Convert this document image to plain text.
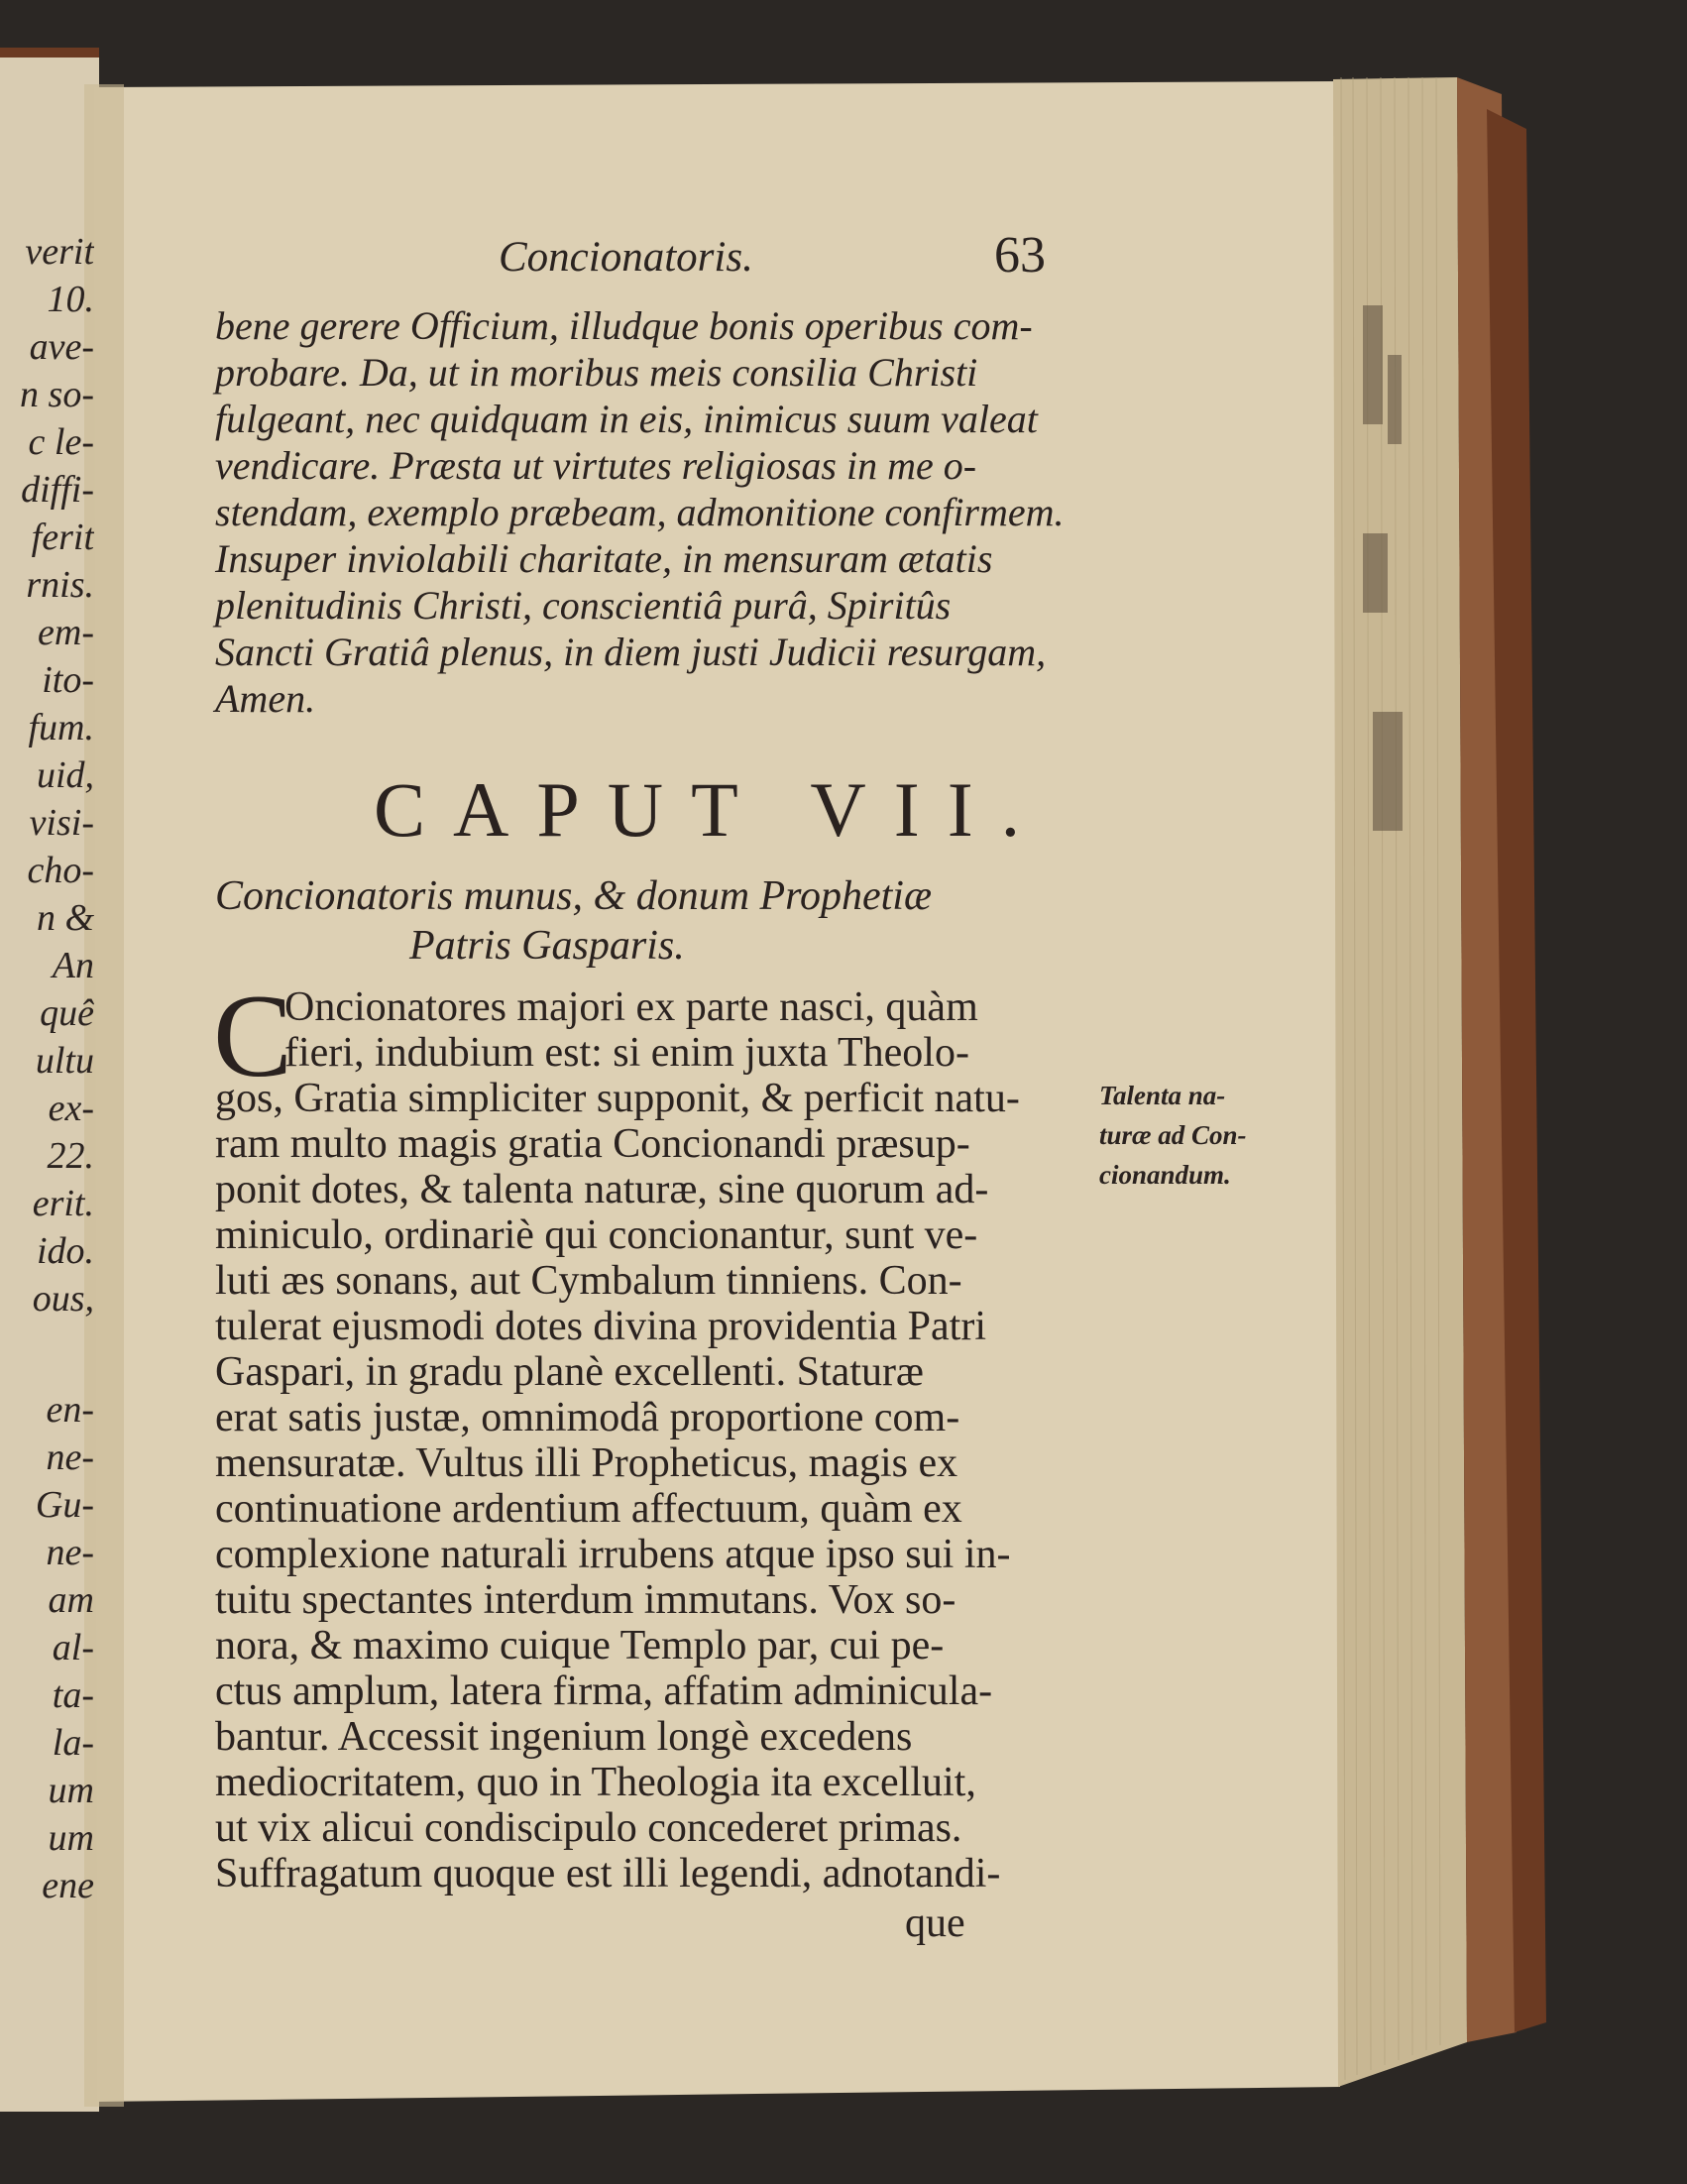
verit
10.
ave-
n so-
c le-
diffi-
ferit
rnis.
em-
ito-
fum.
uid,
visi-
cho-
n &
An
quê
ultu
ex-
22.
erit.
ido.
ous,
en-
ne-
Gu-
ne-
am
al-
ta-
la-
um
um
ene
Concionatoris.	63
bene gerere Officium, illudque bonis operibus com-
probare. Da, ut in moribus meis consilia Christi
fulgeant, nec quidquam in eis, inimicus suum valeat
vendicare. Præsta ut virtutes religiosas in me o-
stendam, exemplo præbeam, admonitione confirmem.
Insuper inviolabili charitate, in mensuram ætatis
plenitudinis Christi, conscientiâ purâ, Spiritûs
Sancti Gratiâ plenus, in diem justi Judicii resurgam,
Amen.
CAPUT VII.
Concionatoris munus, & donum Prophetiæ
Patris Gasparis.
C
Oncionatores majori ex parte nasci, quàm
fieri, indubium est: si enim juxta Theolo-
gos, Gratia simpliciter supponit, & perficit natu-
ram multo magis gratia Concionandi præsup-
ponit dotes, & talenta naturæ, sine quorum ad-
miniculo, ordinariè qui concionantur, sunt ve-
luti æs sonans, aut Cymbalum tinniens. Con-
tulerat ejusmodi dotes divina providentia Patri
Gaspari, in gradu planè excellenti. Staturæ
erat satis justæ, omnimodâ proportione com-
mensuratæ. Vultus illi Propheticus, magis ex
continuatione ardentium affectuum, quàm ex
complexione naturali irrubens atque ipso sui in-
tuitu spectantes interdum immutans. Vox so-
nora, & maximo cuique Templo par, cui pe-
ctus amplum, latera firma, affatim adminicula-
bantur. Accessit ingenium longè excedens
mediocritatem, quo in Theologia ita excelluit,
ut vix alicui condiscipulo concederet primas.
Suffragatum quoque est illi legendi, adnotandi-
que
Talenta na-
turæ ad Con-
cionandum.
